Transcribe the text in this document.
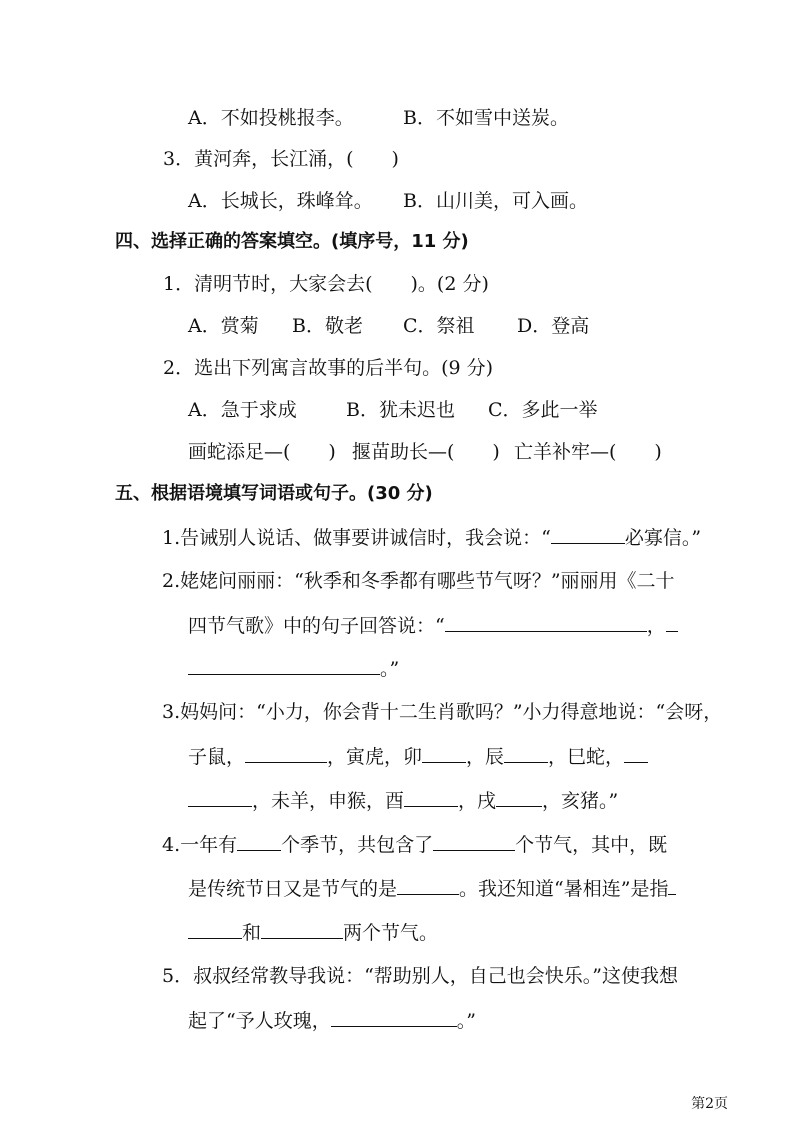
A．不如投桃报李。	B．不如雪中送炭。
3．黄河奔，长江涌，(　　)
A．长城长，珠峰耸。 B．山川美，可入画。
四、选择正确的答案填空。(填序号，11 分)
1．清明节时，大家会去(　　)。(2 分)
A．赏菊 B．敬老 C．祭祖 D．登高
2．选出下列寓言故事的后半句。(9 分)
A．急于求成	B．犹未迟也 C．多此一举
画蛇添足—(　　) 揠苗助长—(　　) 亡羊补牢—(　　)
五、根据语境填写词语或句子。(30 分)
1.告诫别人说话、做事要讲诚信时，我会说：“	必寡信。”
2.姥姥问丽丽：“秋季和冬季都有哪些节气呀？”丽丽用《二十
四节气歌》中的句子回答说：“	，
。”
3.妈妈问：“小力，你会背十二生肖歌吗？”小力得意地说：“会呀，
子鼠，	，寅虎，卯 ，辰 ，巳蛇，
，未羊，申猴，酉	，戌 ，亥猪。”
4.一年有 个季节，共包含了	个节气，其中，既
是传统节日又是节气的是	。我还知道“暑相连”是指
和	两个节气。
5．叔叔经常教导我说：“帮助别人，自己也会快乐。”这使我想
起了“予人玫瑰，	。”
第2页
